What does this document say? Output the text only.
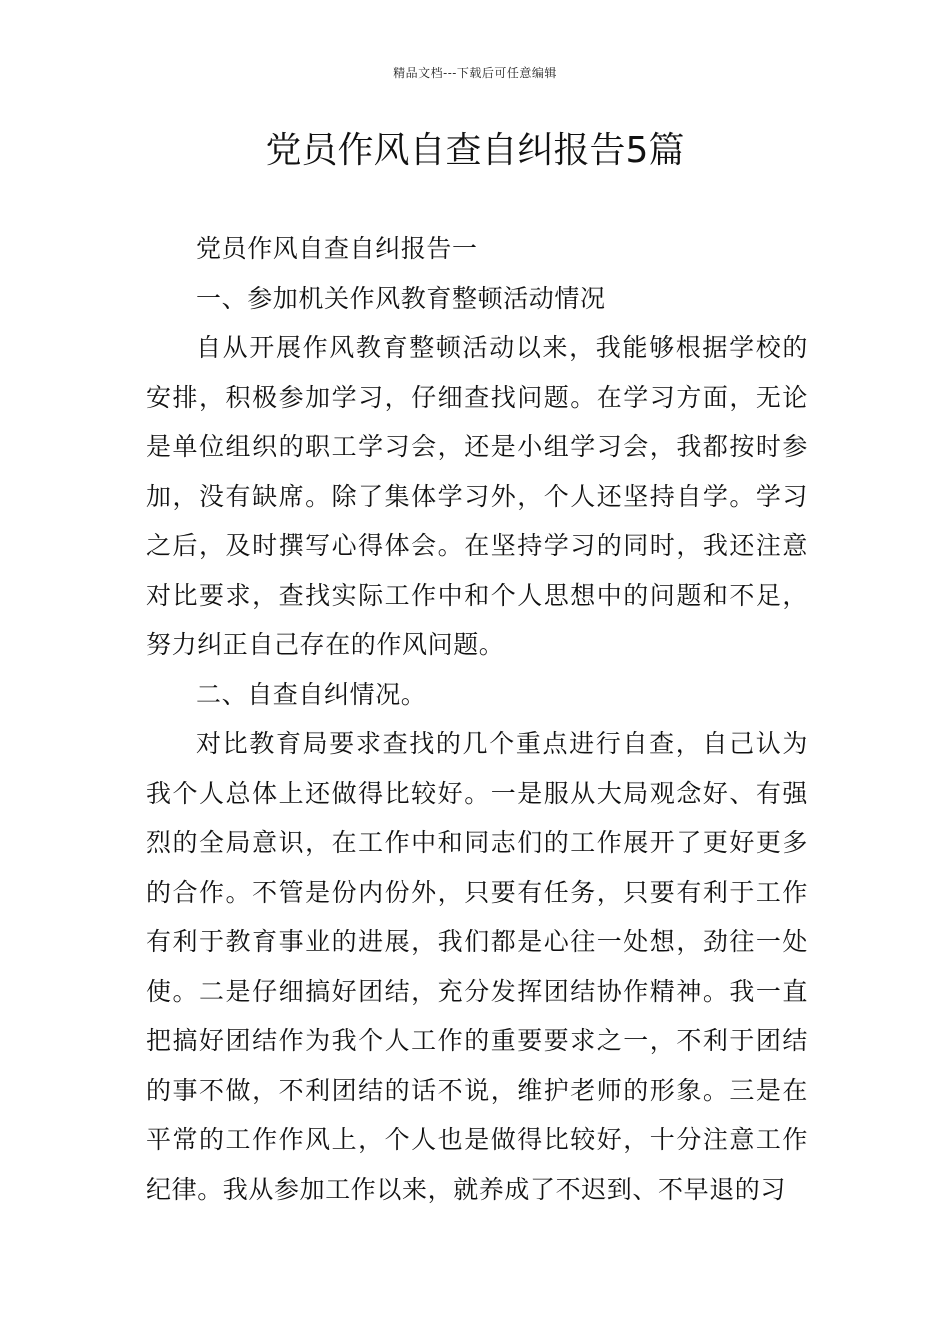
精品文档---下载后可任意编辑
党员作风自查自纠报告5篇

党员作风自查自纠报告一

一、参加机关作风教育整顿活动情况

自从开展作风教育整顿活动以来，我能够根据学校的安排，积极参加学习，仔细查找问题。在学习方面，无论是单位组织的职工学习会，还是小组学习会，我都按时参加，没有缺席。除了集体学习外，个人还坚持自学。学习之后，及时撰写心得体会。在坚持学习的同时，我还注意对比要求，查找实际工作中和个人思想中的问题和不足，努力纠正自己存在的作风问题。

二、自查自纠情况。

对比教育局要求查找的几个重点进行自查，自己认为我个人总体上还做得比较好。一是服从大局观念好、有强烈的全局意识，在工作中和同志们的工作展开了更好更多的合作。不管是份内份外，只要有任务，只要有利于工作有利于教育事业的进展，我们都是心往一处想，劲往一处使。二是仔细搞好团结，充分发挥团结协作精神。我一直把搞好团结作为我个人工作的重要要求之一，不利于团结的事不做，不利团结的话不说，维护老师的形象。三是在平常的工作作风上，个人也是做得比较好，十分注意工作纪律。我从参加工作以来，就养成了不迟到、不早退的习
